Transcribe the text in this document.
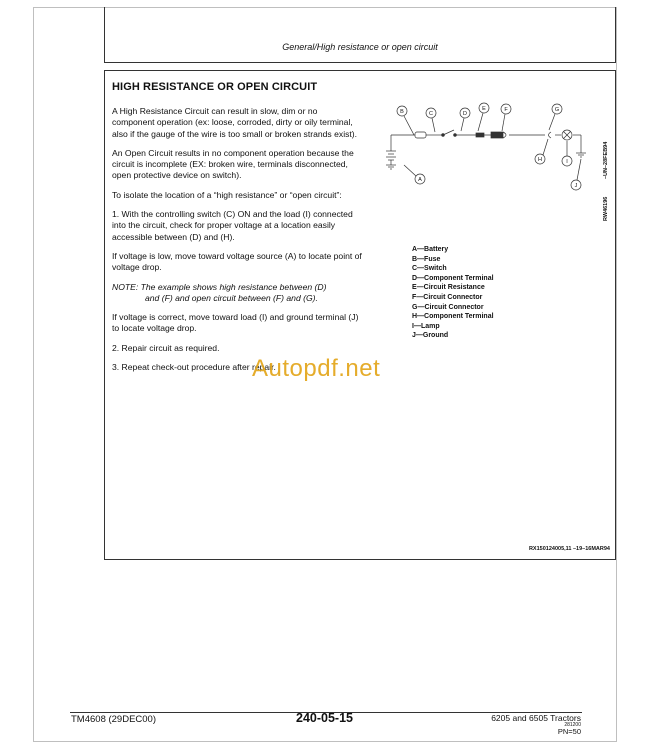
General/High resistance or open circuit
HIGH RESISTANCE OR OPEN CIRCUIT

A High Resistance Circuit can result in slow, dim or no component operation (ex: loose, corroded, dirty or oily terminal, also if the gauge of the wire is too small or broken strands exist).

An Open Circuit results in no component operation because the circuit is incomplete (EX: broken wire, terminals disconnected, open protective device on switch).

To isolate the location of a “high resistance” or “open circuit”:

1. With the controlling switch (C) ON and the load (I) connected into the circuit, check for proper voltage at a location easily accessible between (D) and (H).

If voltage is low, move toward voltage source (A) to locate point of voltage drop.

NOTE: The example shows high resistance between (D)
and (F) and open circuit between (F) and (G).

If voltage is correct, move toward load (I) and ground terminal (J) to locate voltage drop.

2. Repair circuit as required.

3. Repeat check-out procedure after repair.

B	C	D
E	F	G
A
H	I
J
–UN–28FEB94
RW46196
A—Battery
B—Fuse
C—Switch
D—Component Terminal
E—Circuit Resistance
F—Circuit Connector
G—Circuit Connector
H—Component Terminal
I—Lamp
J—Ground
RX150124005,11 –19–16MAR94
Autopdf.net
TM4608 (29DEC00)	240-05-15	6205 and 6505 Tractors
281200
PN=50
